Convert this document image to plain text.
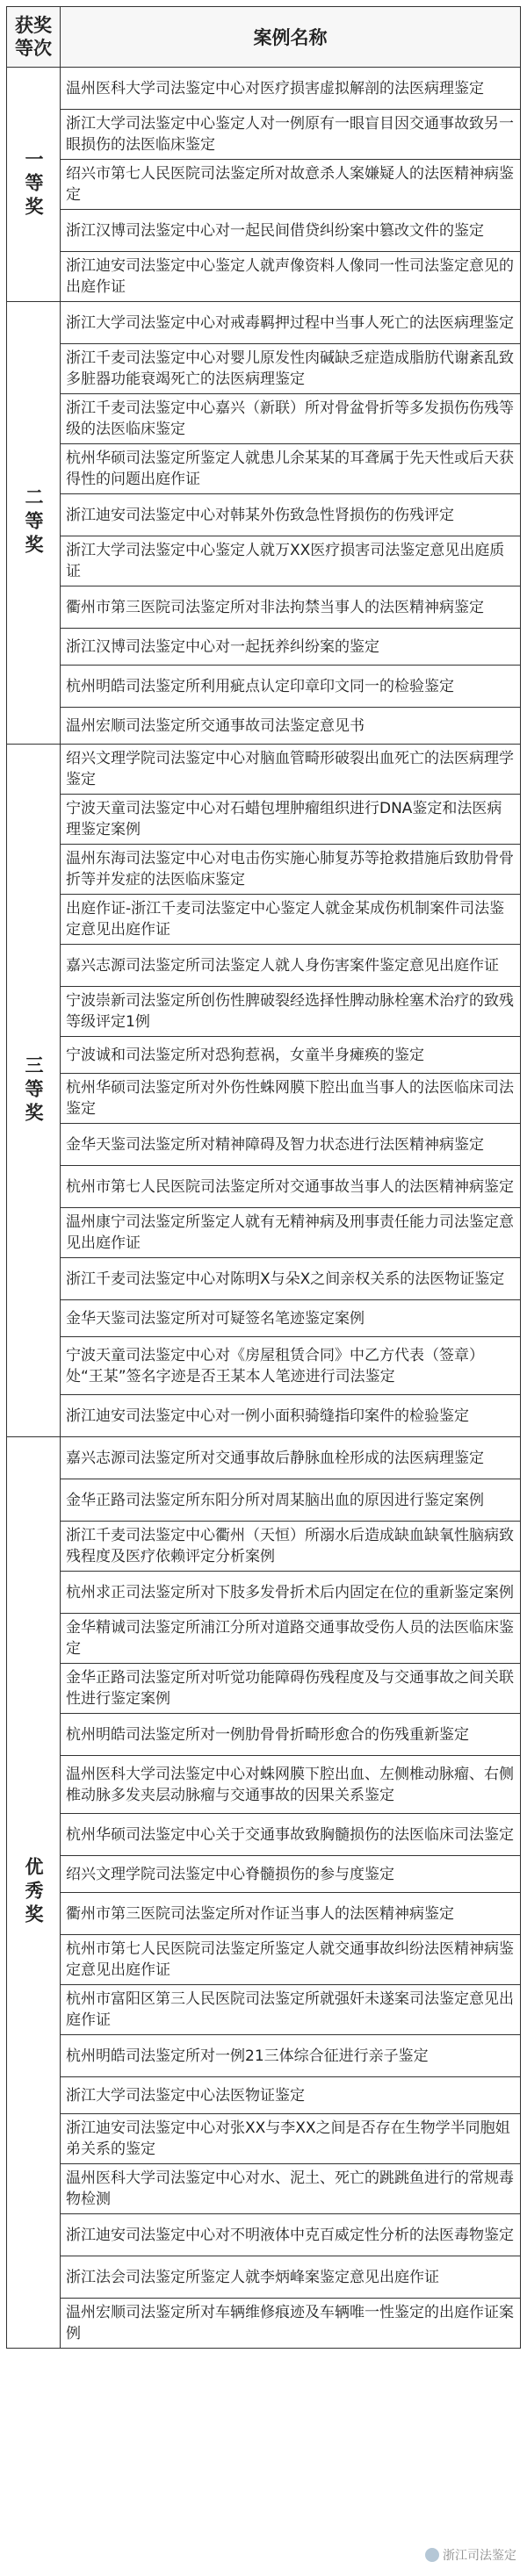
获奖等次	案例名称
一等奖	温州医科大学司法鉴定中心对医疗损害虚拟解剖的法医病理鉴定
	浙江大学司法鉴定中心鉴定人对一例原有一眼盲目因交通事故致另一眼损伤的法医临床鉴定
	绍兴市第七人民医院司法鉴定所对故意杀人案嫌疑人的法医精神病鉴定
	浙江汉博司法鉴定中心对一起民间借贷纠纷案中篡改文件的鉴定
	浙江迪安司法鉴定中心鉴定人就声像资料人像同一性司法鉴定意见的出庭作证
二等奖	浙江大学司法鉴定中心对戒毒羁押过程中当事人死亡的法医病理鉴定
	浙江千麦司法鉴定中心对婴儿原发性肉碱缺乏症造成脂肪代谢紊乱致多脏器功能衰竭死亡的法医病理鉴定
	浙江千麦司法鉴定中心嘉兴（新联）所对骨盆骨折等多发损伤伤残等级的法医临床鉴定
	杭州华硕司法鉴定所鉴定人就患儿余某某的耳聋属于先天性或后天获得性的问题出庭作证
	浙江迪安司法鉴定中心对韩某外伤致急性肾损伤的伤残评定
	浙江大学司法鉴定中心鉴定人就万XX医疗损害司法鉴定意见出庭质证
	衢州市第三医院司法鉴定所对非法拘禁当事人的法医精神病鉴定
	浙江汉博司法鉴定中心对一起抚养纠纷案的鉴定
	杭州明皓司法鉴定所利用疵点认定印章印文同一的检验鉴定
	温州宏顺司法鉴定所交通事故司法鉴定意见书
三等奖	绍兴文理学院司法鉴定中心对脑血管畸形破裂出血死亡的法医病理学鉴定
	宁波天童司法鉴定中心对石蜡包埋肿瘤组织进行DNA鉴定和法医病理鉴定案例
	温州东海司法鉴定中心对电击伤实施心肺复苏等抢救措施后致肋骨骨折等并发症的法医临床鉴定
	出庭作证-浙江千麦司法鉴定中心鉴定人就金某成伤机制案件司法鉴定意见出庭作证
	嘉兴志源司法鉴定所司法鉴定人就人身伤害案件鉴定意见出庭作证
	宁波崇新司法鉴定所创伤性脾破裂经选择性脾动脉栓塞术治疗的致残等级评定1例
	宁波诚和司法鉴定所对恐狗惹祸，女童半身瘫痪的鉴定
	杭州华硕司法鉴定所对外伤性蛛网膜下腔出血当事人的法医临床司法鉴定
	金华天鉴司法鉴定所对精神障碍及智力状态进行法医精神病鉴定
	杭州市第七人民医院司法鉴定所对交通事故当事人的法医精神病鉴定
	温州康宁司法鉴定所鉴定人就有无精神病及刑事责任能力司法鉴定意见出庭作证
	浙江千麦司法鉴定中心对陈明X与朵X之间亲权关系的法医物证鉴定
	金华天鉴司法鉴定所对可疑签名笔迹鉴定案例
	宁波天童司法鉴定中心对《房屋租赁合同》中乙方代表（签章）处“王某”签名字迹是否王某本人笔迹进行司法鉴定
	浙江迪安司法鉴定中心对一例小面积骑缝指印案件的检验鉴定
优秀奖	嘉兴志源司法鉴定所对交通事故后静脉血栓形成的法医病理鉴定
	金华正路司法鉴定所东阳分所对周某脑出血的原因进行鉴定案例
	浙江千麦司法鉴定中心衢州（天恒）所溺水后造成缺血缺氧性脑病致残程度及医疗依赖评定分析案例
	杭州求正司法鉴定所对下肢多发骨折术后内固定在位的重新鉴定案例
	金华精诚司法鉴定所浦江分所对道路交通事故受伤人员的法医临床鉴定
	金华正路司法鉴定所对听觉功能障碍伤残程度及与交通事故之间关联性进行鉴定案例
	杭州明皓司法鉴定所对一例肋骨骨折畸形愈合的伤残重新鉴定
	温州医科大学司法鉴定中心对蛛网膜下腔出血、左侧椎动脉瘤、右侧椎动脉多发夹层动脉瘤与交通事故的因果关系鉴定
	杭州华硕司法鉴定中心关于交通事故致胸髓损伤的法医临床司法鉴定
	绍兴文理学院司法鉴定中心脊髓损伤的参与度鉴定
	衢州市第三医院司法鉴定所对作证当事人的法医精神病鉴定
	杭州市第七人民医院司法鉴定所鉴定人就交通事故纠纷法医精神病鉴定意见出庭作证
	杭州市富阳区第三人民医院司法鉴定所就强奸未遂案司法鉴定意见出庭作证
	杭州明皓司法鉴定所对一例21三体综合征进行亲子鉴定
	浙江大学司法鉴定中心法医物证鉴定
	浙江迪安司法鉴定中心对张XX与李XX之间是否存在生物学半同胞姐弟关系的鉴定
	温州医科大学司法鉴定中心对水、泥土、死亡的跳跳鱼进行的常规毒物检测
	浙江迪安司法鉴定中心对不明液体中克百威定性分析的法医毒物鉴定
	浙江法会司法鉴定所鉴定人就李炳峰案鉴定意见出庭作证
	温州宏顺司法鉴定所对车辆维修痕迹及车辆唯一性鉴定的出庭作证案例
浙江司法鉴定
